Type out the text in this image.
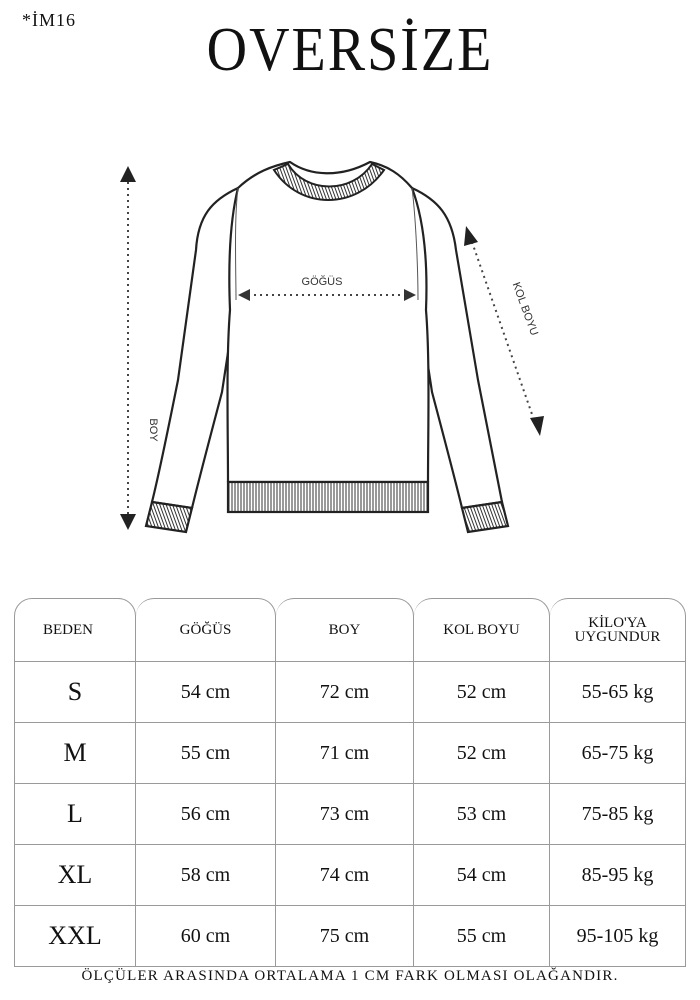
*İM16	OVERSİZE
GÖĞÜS
BOY
KOL BOYU
BEDEN	GÖĞÜS	BOY	KOL BOYU	KİLO'YA
UYGUNDUR
S	54 cm	72 cm	52 cm	55-65 kg
M	55 cm	71 cm	52 cm	65-75 kg
L	56 cm	73 cm	53 cm	75-85 kg
XL	58 cm	74 cm	54 cm	85-95 kg
XXL	60 cm	75 cm	55 cm	95-105 kg
ÖLÇÜLER ARASINDA ORTALAMA 1 CM FARK OLMASI OLAĞANDIR.
